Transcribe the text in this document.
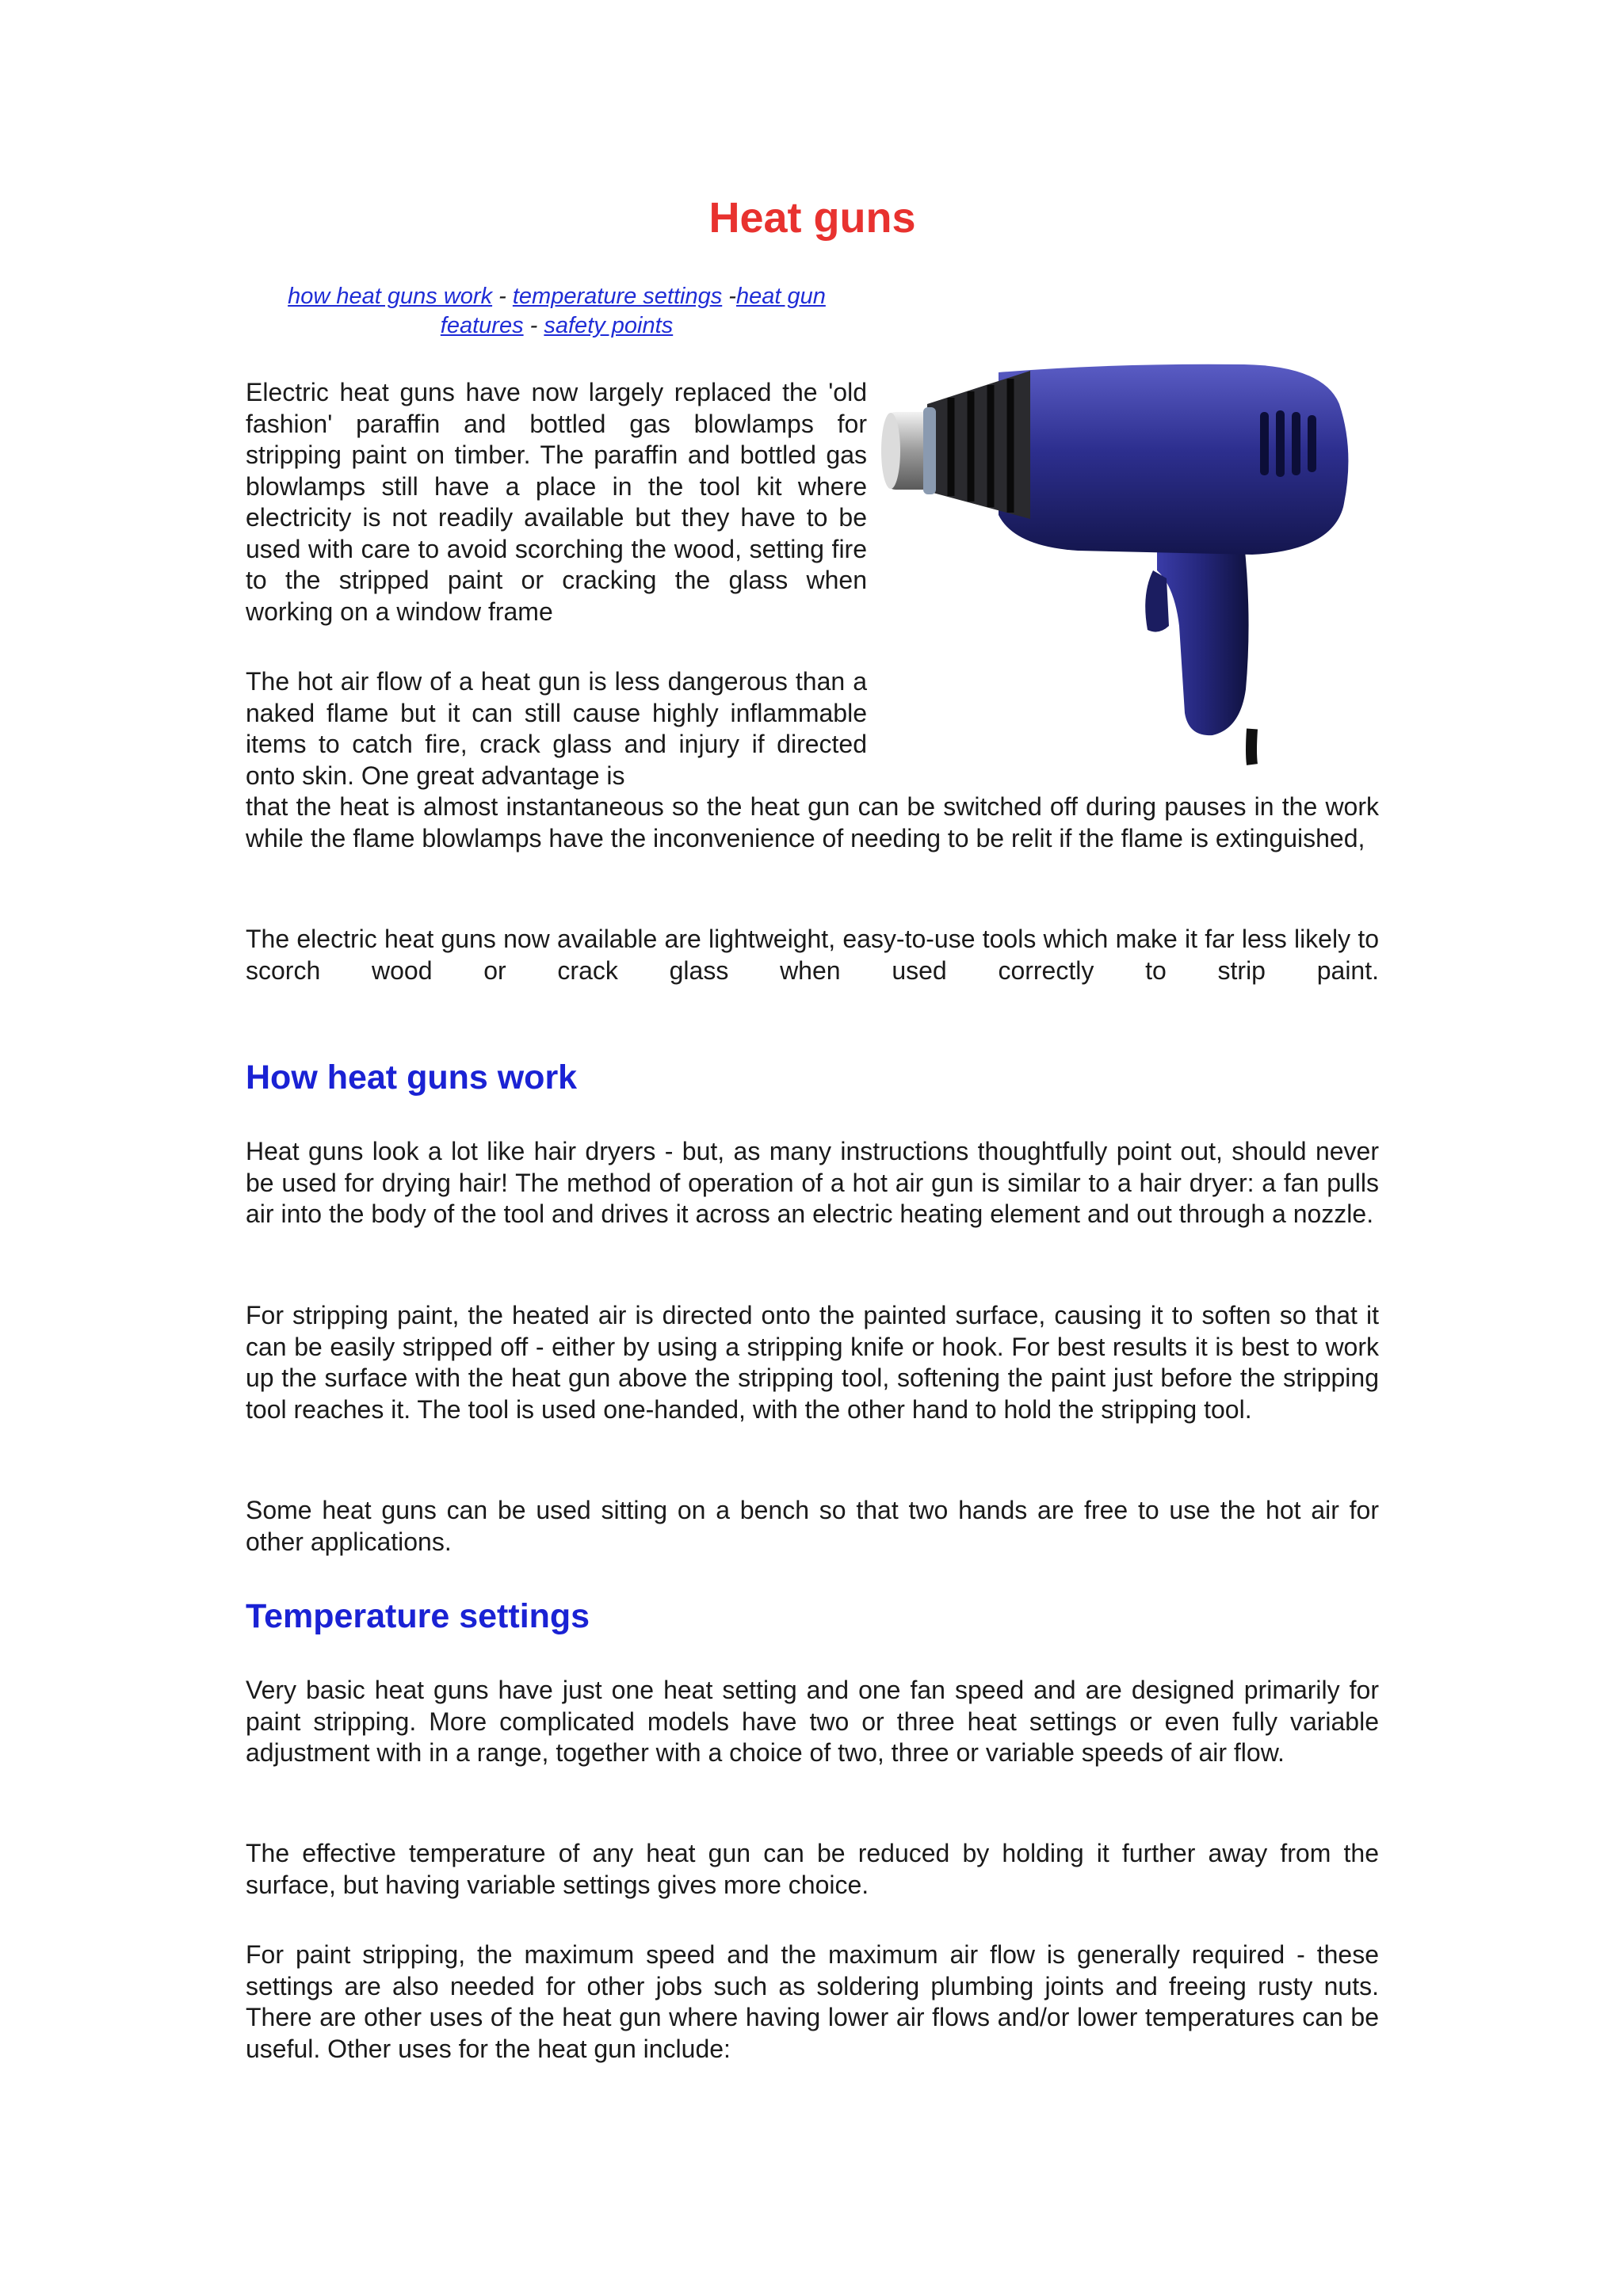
Heat guns
how heat guns work - temperature settings -heat gun features - safety points

Electric heat guns have now largely replaced the 'old fashion' paraffin and bottled gas blowlamps for stripping paint on timber. The paraffin and bottled gas blowlamps still have a place in the tool kit where electricity is not readily available but they have to be used with care to avoid scorching the wood, setting fire to the stripped paint or cracking the glass when working on a window frame

The hot air flow of a heat gun is less dangerous than a naked flame but it can still cause highly inflammable items to catch fire, crack glass and injury if directed onto skin. One great advantage is

that the heat is almost instantaneous so the heat gun can be switched off during pauses in the work while the flame blowlamps have the inconvenience of needing to be relit if the flame is extinguished,

The electric heat guns now available are lightweight, easy-to-use tools which make it far less likely to scorch wood or crack glass when used correctly to strip paint.

How heat guns work

Heat guns look a lot like hair dryers - but, as many instructions thoughtfully point out, should never be used for drying hair! The method of operation of a hot air gun is similar to a hair dryer: a fan pulls air into the body of the tool and drives it across an electric heating element and out through a nozzle.

For stripping paint, the heated air is directed onto the painted surface, causing it to soften so that it can be easily stripped off - either by using a stripping knife or hook. For best results it is best to work up the surface with the heat gun above the stripping tool, softening the paint just before the stripping tool reaches it. The tool is used one-handed, with the other hand to hold the stripping tool.

Some heat guns can be used sitting on a bench so that two hands are free to use the hot air for other applications.

Temperature settings

Very basic heat guns have just one heat setting and one fan speed and are designed primarily for paint stripping. More complicated models have two or three heat settings or even fully variable adjustment with in a range, together with a choice of two, three or variable speeds of air flow.

The effective temperature of any heat gun can be reduced by holding it further away from the surface, but having variable settings gives more choice.

For paint stripping, the maximum speed and the maximum air flow is generally required - these settings are also needed for other jobs such as soldering plumbing joints and freeing rusty nuts. There are other uses of the heat gun where having lower air flows and/or lower temperatures can be useful. Other uses for the heat gun include:
